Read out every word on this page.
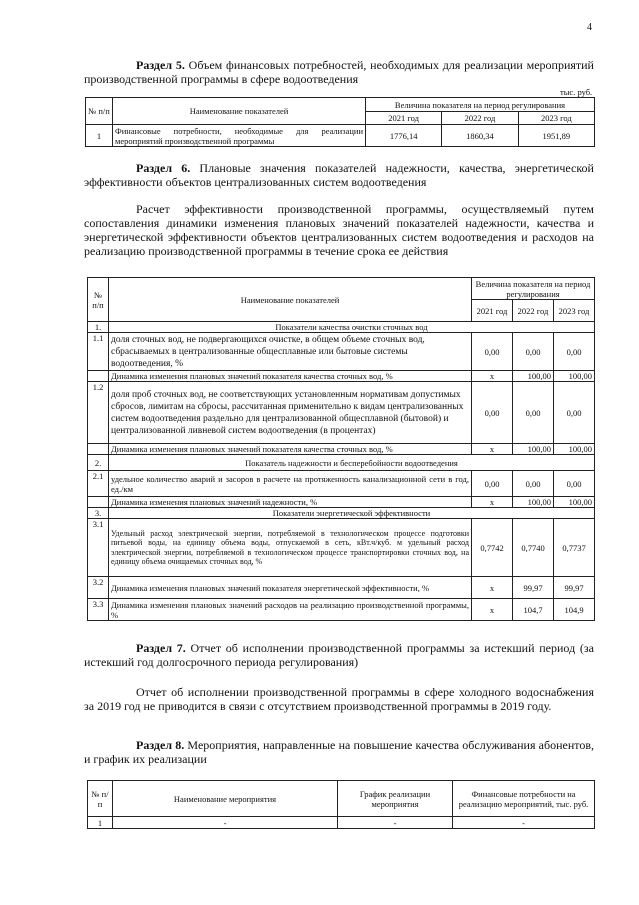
4
Раздел 5. Объем финансовых потребностей, необходимых для реализации мероприятий производственной программы в сфере водоотведения
тыс. руб.
№ п/п	Наименование показателей	Величина показателя на период регулирования		
		2021 год	2022 год	2023 год
1	Финансовые потребности, необходимые для реализации мероприятий производственной программы	1776,14	1860,34	1951,89
Раздел 6. Плановые значения показателей надежности, качества, энергетической эффективности объектов централизованных систем водоотведения
Расчет эффективности производственной программы, осуществляемый путем сопоставления динамики изменения плановых значений показателей надежности, качества и энергетической эффективности объектов централизованных систем водоотведения и расходов на реализацию производственной программы в течение срока ее действия
№ п/п	Наименование показателей	Величина показателя на период регулирования		
		2021 год	2022 год	2023 год
1.	Показатели качества очистки сточных вод			
1.1	доля сточных вод, не подвергающихся очистке, в общем объеме сточных вод, сбрасываемых в централизованные общесплавные или бытовые системы водоотведения, %	0,00	0,00	0,00
	Динамика изменения плановых значений показателя качества сточных вод, %	x	100,00	100,00
1.2	доля проб сточных вод, не соответствующих установленным нормативам допустимых сбросов, лимитам на сбросы, рассчитанная применительно к видам централизованных систем водоотведения раздельно для централизованной общесплавной (бытовой) и централизованной ливневой систем водоотведения (в процентах)	0,00	0,00	0,00
	Динамика изменения плановых значений показателя качества сточных вод, %	x	100,00	100,00
2.	Показатель надежности и бесперебойности водоотведения			
2.1	удельное количество аварий и засоров в расчете на протяженность канализационной сети в год, ед./км	0,00	0,00	0,00
	Динамика изменения плановых значений надежности, %	x	100,00	100,00
3.	Показатели энергетической эффективности			
3.1	Удельный расход электрической энергии, потребляемой в технологическом процессе подготовки питьевой воды, на единицу объема воды, отпускаемой в сеть, кВт.ч/куб. м удельный расход электрической энергии, потребляемой в технологическом процессе транспортировки сточных вод, на единицу объема очищаемых сточных вод, %	0,7742	0,7740	0,7737
3.2	Динамика изменения плановых значений показателя энергетической эффективности, %	x	99,97	99,97
3.3	Динамика изменения плановых значений расходов на реализацию производственной программы, %	x	104,7	104,9
Раздел 7. Отчет об исполнении производственной программы за истекший период (за истекший год долгосрочного периода регулирования)
Отчет об исполнении производственной программы в сфере холодного водоснабжения за 2019 год не приводится в связи с отсутствием производственной программы в 2019 году.
Раздел 8. Мероприятия, направленные на повышение качества обслуживания абонентов, и график их реализации
№ п/п	Наименование мероприятия	График реализации мероприятия	Финансовые потребности на реализацию мероприятий, тыс. руб.
1	-	-	-
